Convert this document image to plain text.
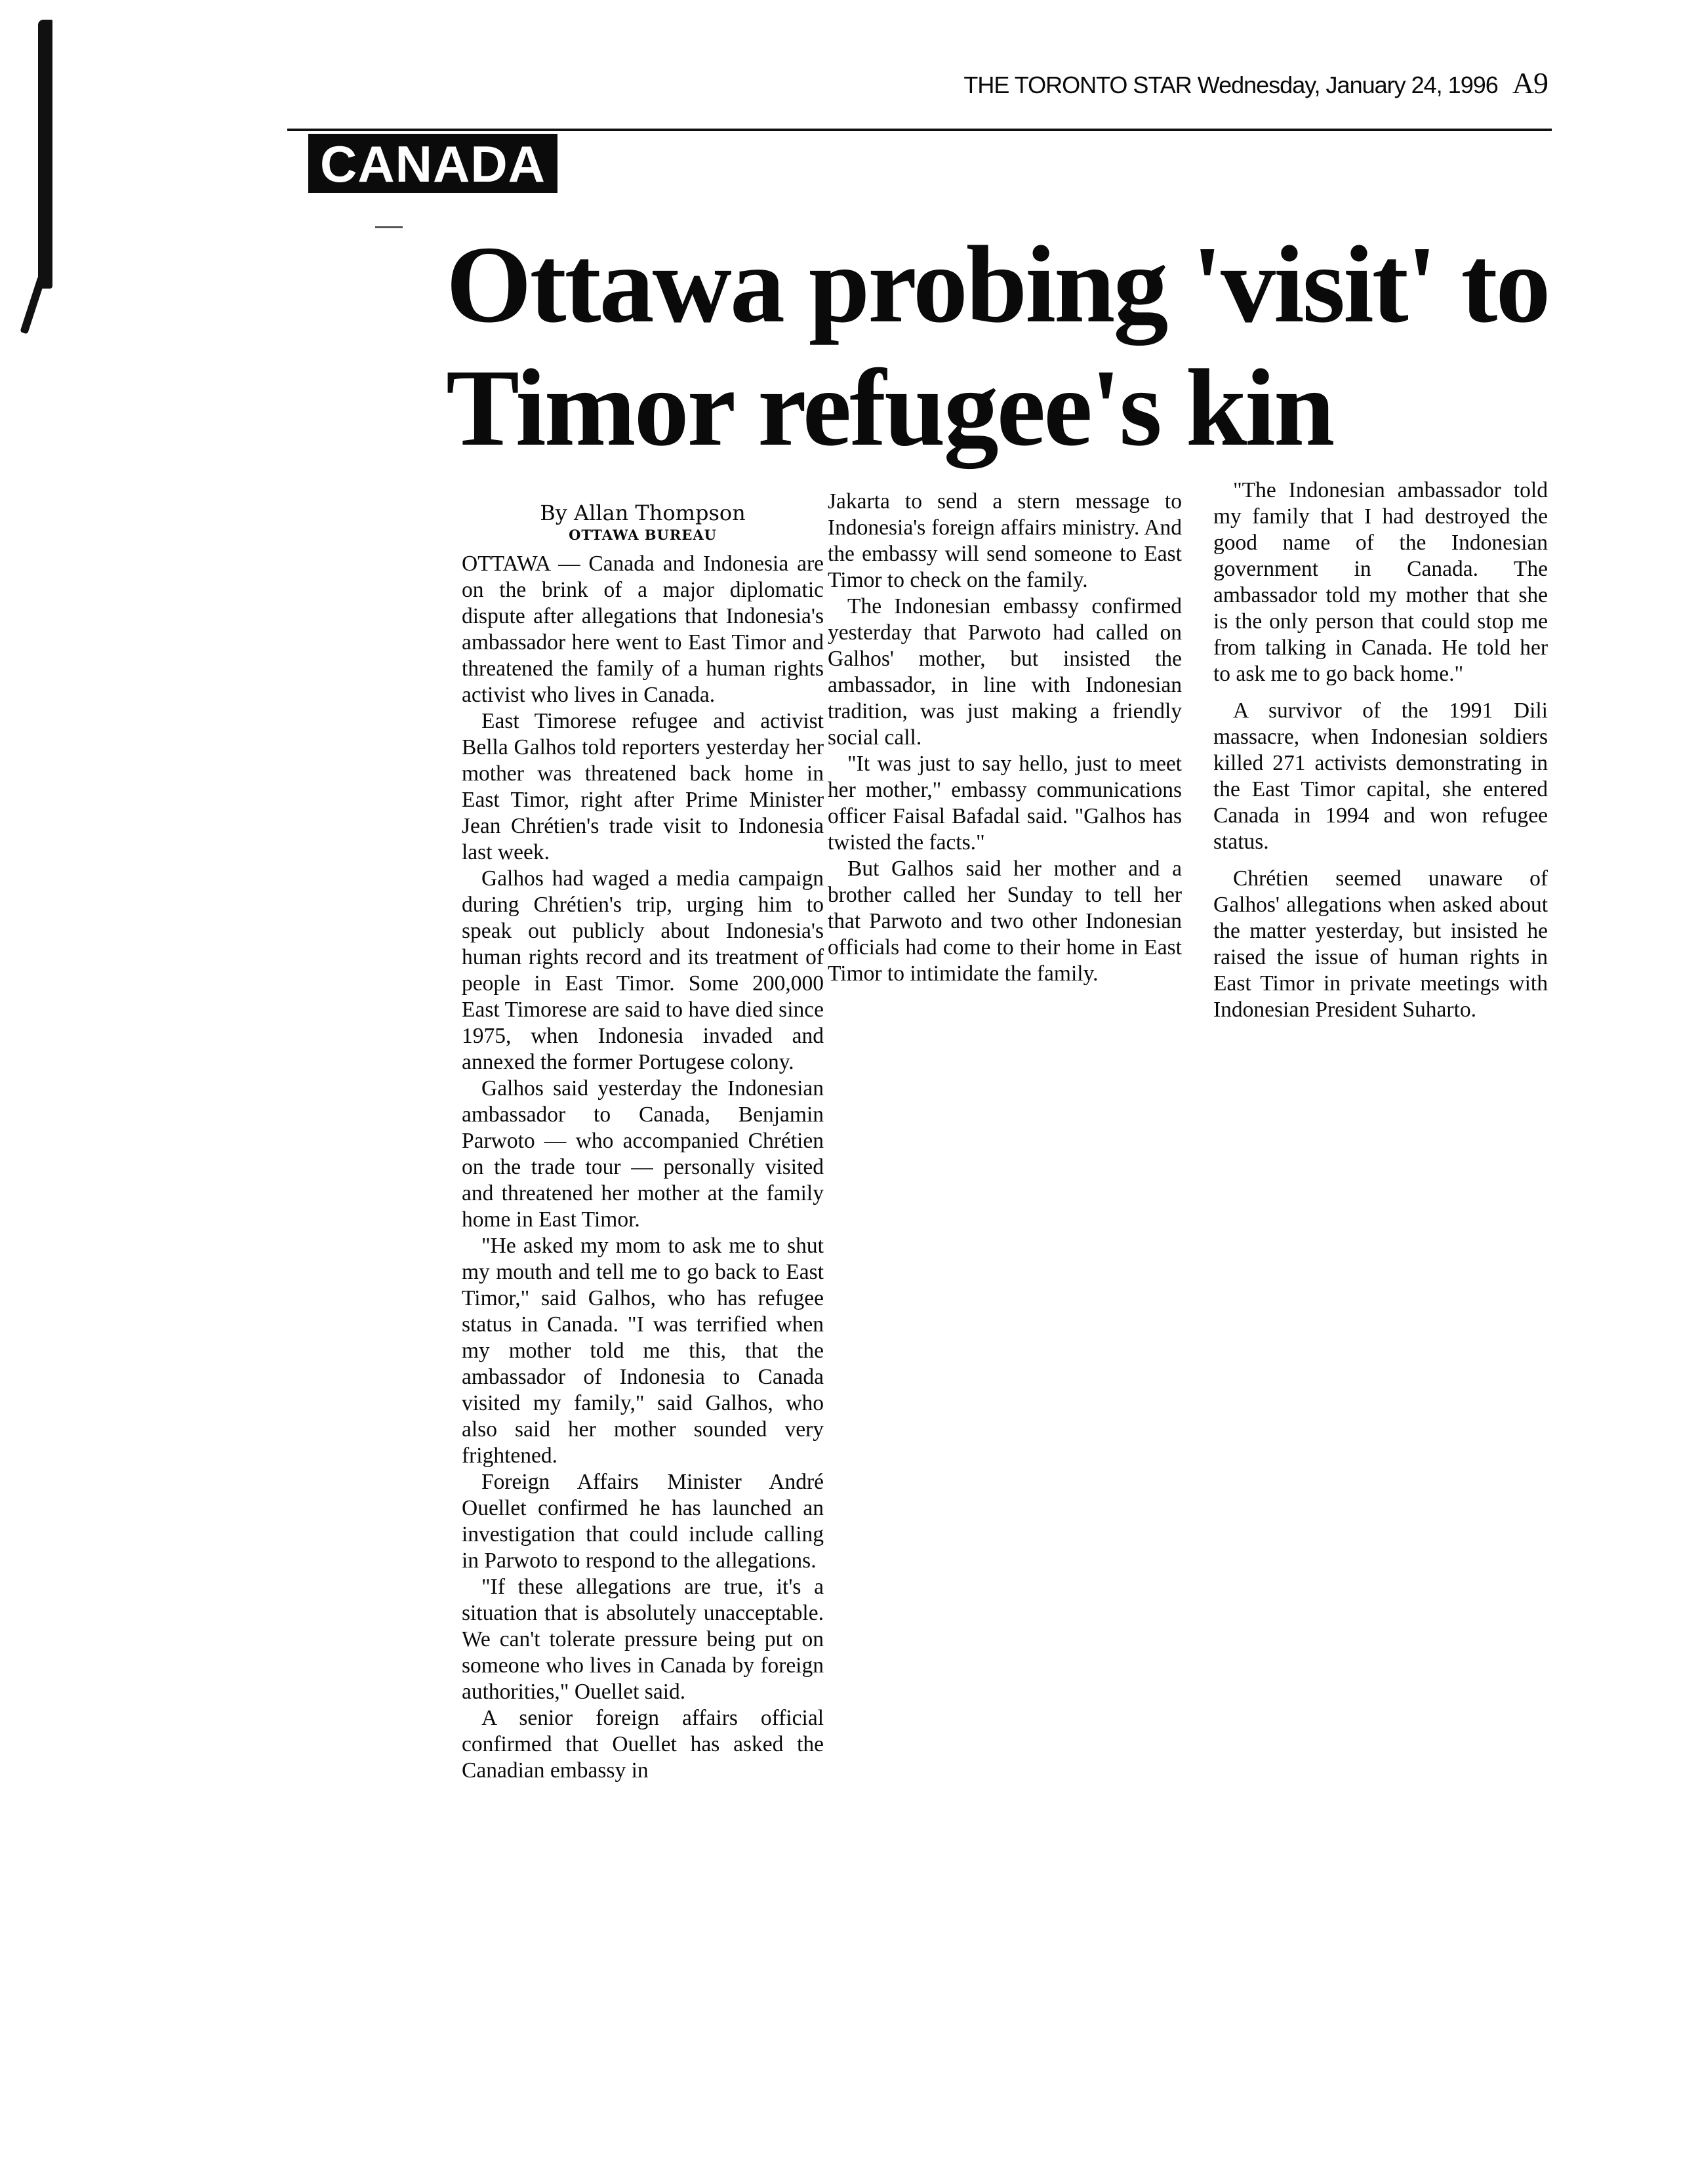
THE TORONTO STAR Wednesday, January 24, 1996 A9
CANADA
Ottawa probing 'visit' to Timor refugee's kin
By Allan Thompson
OTTAWA BUREAU

OTTAWA — Canada and Indonesia are on the brink of a major diplomatic dispute after allegations that Indonesia's ambassador here went to East Timor and threatened the family of a human rights activist who lives in Canada.

East Timorese refugee and activist Bella Galhos told reporters yesterday her mother was threatened back home in East Timor, right after Prime Minister Jean Chrétien's trade visit to Indonesia last week.

Galhos had waged a media campaign during Chrétien's trip, urging him to speak out publicly about Indonesia's human rights record and its treatment of people in East Timor. Some 200,000 East Timorese are said to have died since 1975, when Indonesia invaded and annexed the former Portugese colony.

Galhos said yesterday the Indonesian ambassador to Canada, Benjamin Parwoto — who accompanied Chrétien on the trade tour — personally visited and threatened her mother at the family home in East Timor.

"He asked my mom to ask me to shut my mouth and tell me to go back to East Timor," said Galhos, who has refugee status in Canada. "I was terrified when my mother told me this, that the ambassador of Indonesia to Canada visited my family," said Galhos, who also said her mother sounded very frightened.

Foreign Affairs Minister André Ouellet confirmed he has launched an investigation that could include calling in Parwoto to respond to the allegations.

"If these allegations are true, it's a situation that is absolutely unacceptable. We can't tolerate pressure being put on someone who lives in Canada by foreign authorities," Ouellet said.

A senior foreign affairs official confirmed that Ouellet has asked the Canadian embassy in

Jakarta to send a stern message to Indonesia's foreign affairs ministry. And the embassy will send someone to East Timor to check on the family.

The Indonesian embassy confirmed yesterday that Parwoto had called on Galhos' mother, but insisted the ambassador, in line with Indonesian tradition, was just making a friendly social call.

"It was just to say hello, just to meet her mother," embassy communications officer Faisal Bafadal said. "Galhos has twisted the facts."

But Galhos said her mother and a brother called her Sunday to tell her that Parwoto and two other Indonesian officials had come to their home in East Timor to intimidate the family.

"The Indonesian ambassador told my family that I had destroyed the good name of the Indonesian government in Canada. The ambassador told my mother that she is the only person that could stop me from talking in Canada. He told her to ask me to go back home."

A survivor of the 1991 Dili massacre, when Indonesian soldiers killed 271 activists demonstrating in the East Timor capital, she entered Canada in 1994 and won refugee status.

Chrétien seemed unaware of Galhos' allegations when asked about the matter yesterday, but insisted he raised the issue of human rights in East Timor in private meetings with Indonesian President Suharto.
